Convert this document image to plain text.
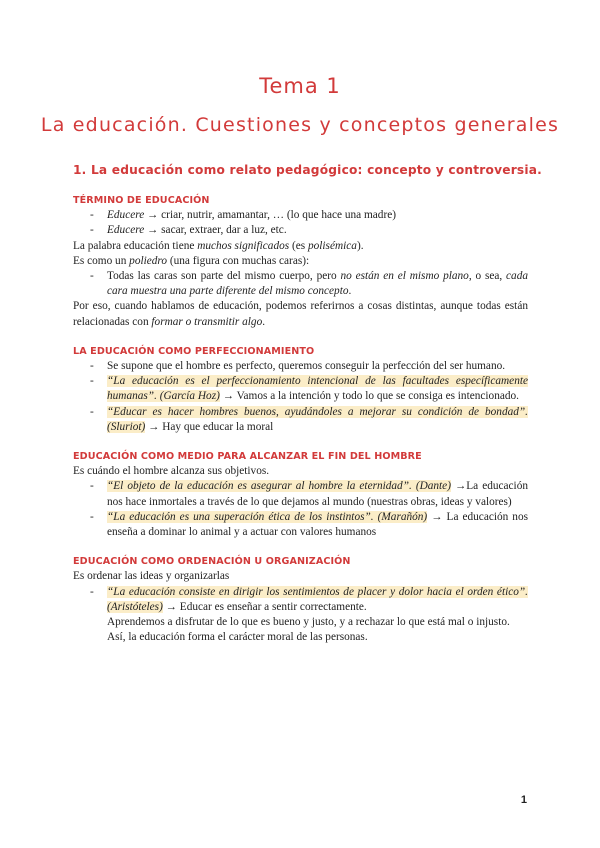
Tema 1
La educación. Cuestiones y conceptos generales
1. La educación como relato pedagógico: concepto y controversia.
TÉRMINO DE EDUCACIÓN
- Educere → criar, nutrir, amamantar, … (lo que hace una madre)
- Educere → sacar, extraer, dar a luz, etc.

La palabra educación tiene muchos significados (es polisémica).

Es como un poliedro (una figura con muchas caras):

- Todas las caras son parte del mismo cuerpo, pero no están en el mismo plano, o sea, cada cara muestra una parte diferente del mismo concepto.

Por eso, cuando hablamos de educación, podemos referirnos a cosas distintas, aunque todas están relacionadas con formar o transmitir algo.

LA EDUCACIÓN COMO PERFECCIONAMIENTO
- Se supone que el hombre es perfecto, queremos conseguir la perfección del ser humano.
- “La educación es el perfeccionamiento intencional de las facultades específicamente humanas”. (García Hoz) → Vamos a la intención y todo lo que se consiga es intencionado.
- “Educar es hacer hombres buenos, ayudándoles a mejorar su condición de bondad”. (Sluriot) → Hay que educar la moral
EDUCACIÓN COMO MEDIO PARA ALCANZAR EL FIN DEL HOMBRE

Es cuándo el hombre alcanza sus objetivos.

- “El objeto de la educación es asegurar al hombre la eternidad”. (Dante) →La educación nos hace inmortales a través de lo que dejamos al mundo (nuestras obras, ideas y valores)
- “La educación es una superación ética de los instintos”. (Marañón) → La educación nos enseña a dominar lo animal y a actuar con valores humanos
EDUCACIÓN COMO ORDENACIÓN U ORGANIZACIÓN

Es ordenar las ideas y organizarlas

- “La educación consiste en dirigir los sentimientos de placer y dolor hacia el orden ético”. (Aristóteles) → Educar es enseñar a sentir correctamente.

Aprendemos a disfrutar de lo que es bueno y justo, y a rechazar lo que está mal o injusto.

Así, la educación forma el carácter moral de las personas.

1
